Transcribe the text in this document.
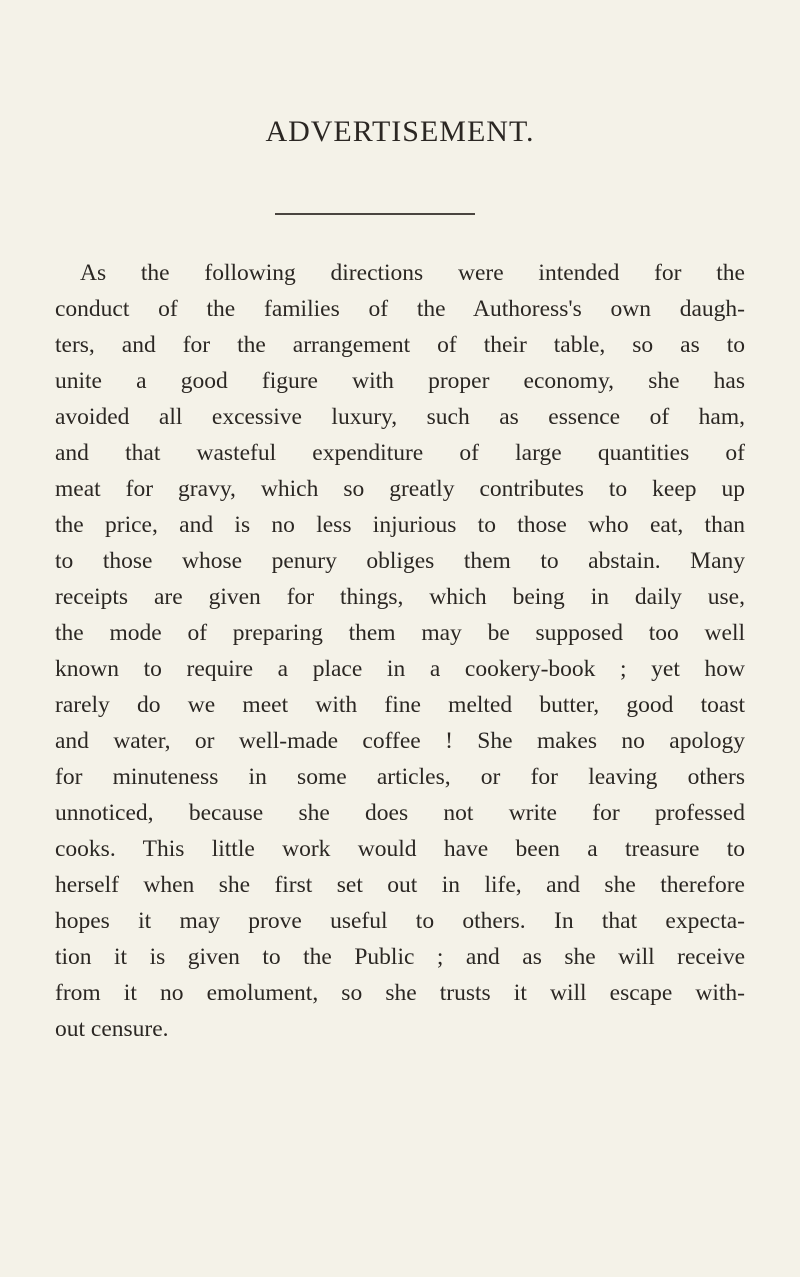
ADVERTISEMENT.
As the following directions were intended for the
conduct of the families of the Authoress's own daugh-
ters, and for the arrangement of their table, so as to
unite a good figure with proper economy, she has
avoided all excessive luxury, such as essence of ham,
and that wasteful expenditure of large quantities of
meat for gravy, which so greatly contributes to keep up
the price, and is no less injurious to those who eat, than
to those whose penury obliges them to abstain. Many
receipts are given for things, which being in daily use,
the mode of preparing them may be supposed too well
known to require a place in a cookery-book ; yet how
rarely do we meet with fine melted butter, good toast
and water, or well-made coffee ! She makes no apology
for minuteness in some articles, or for leaving others
unnoticed, because she does not write for professed
cooks. This little work would have been a treasure to
herself when she first set out in life, and she therefore
hopes it may prove useful to others. In that expecta-
tion it is given to the Public ; and as she will receive
from it no emolument, so she trusts it will escape with-
out censure.
